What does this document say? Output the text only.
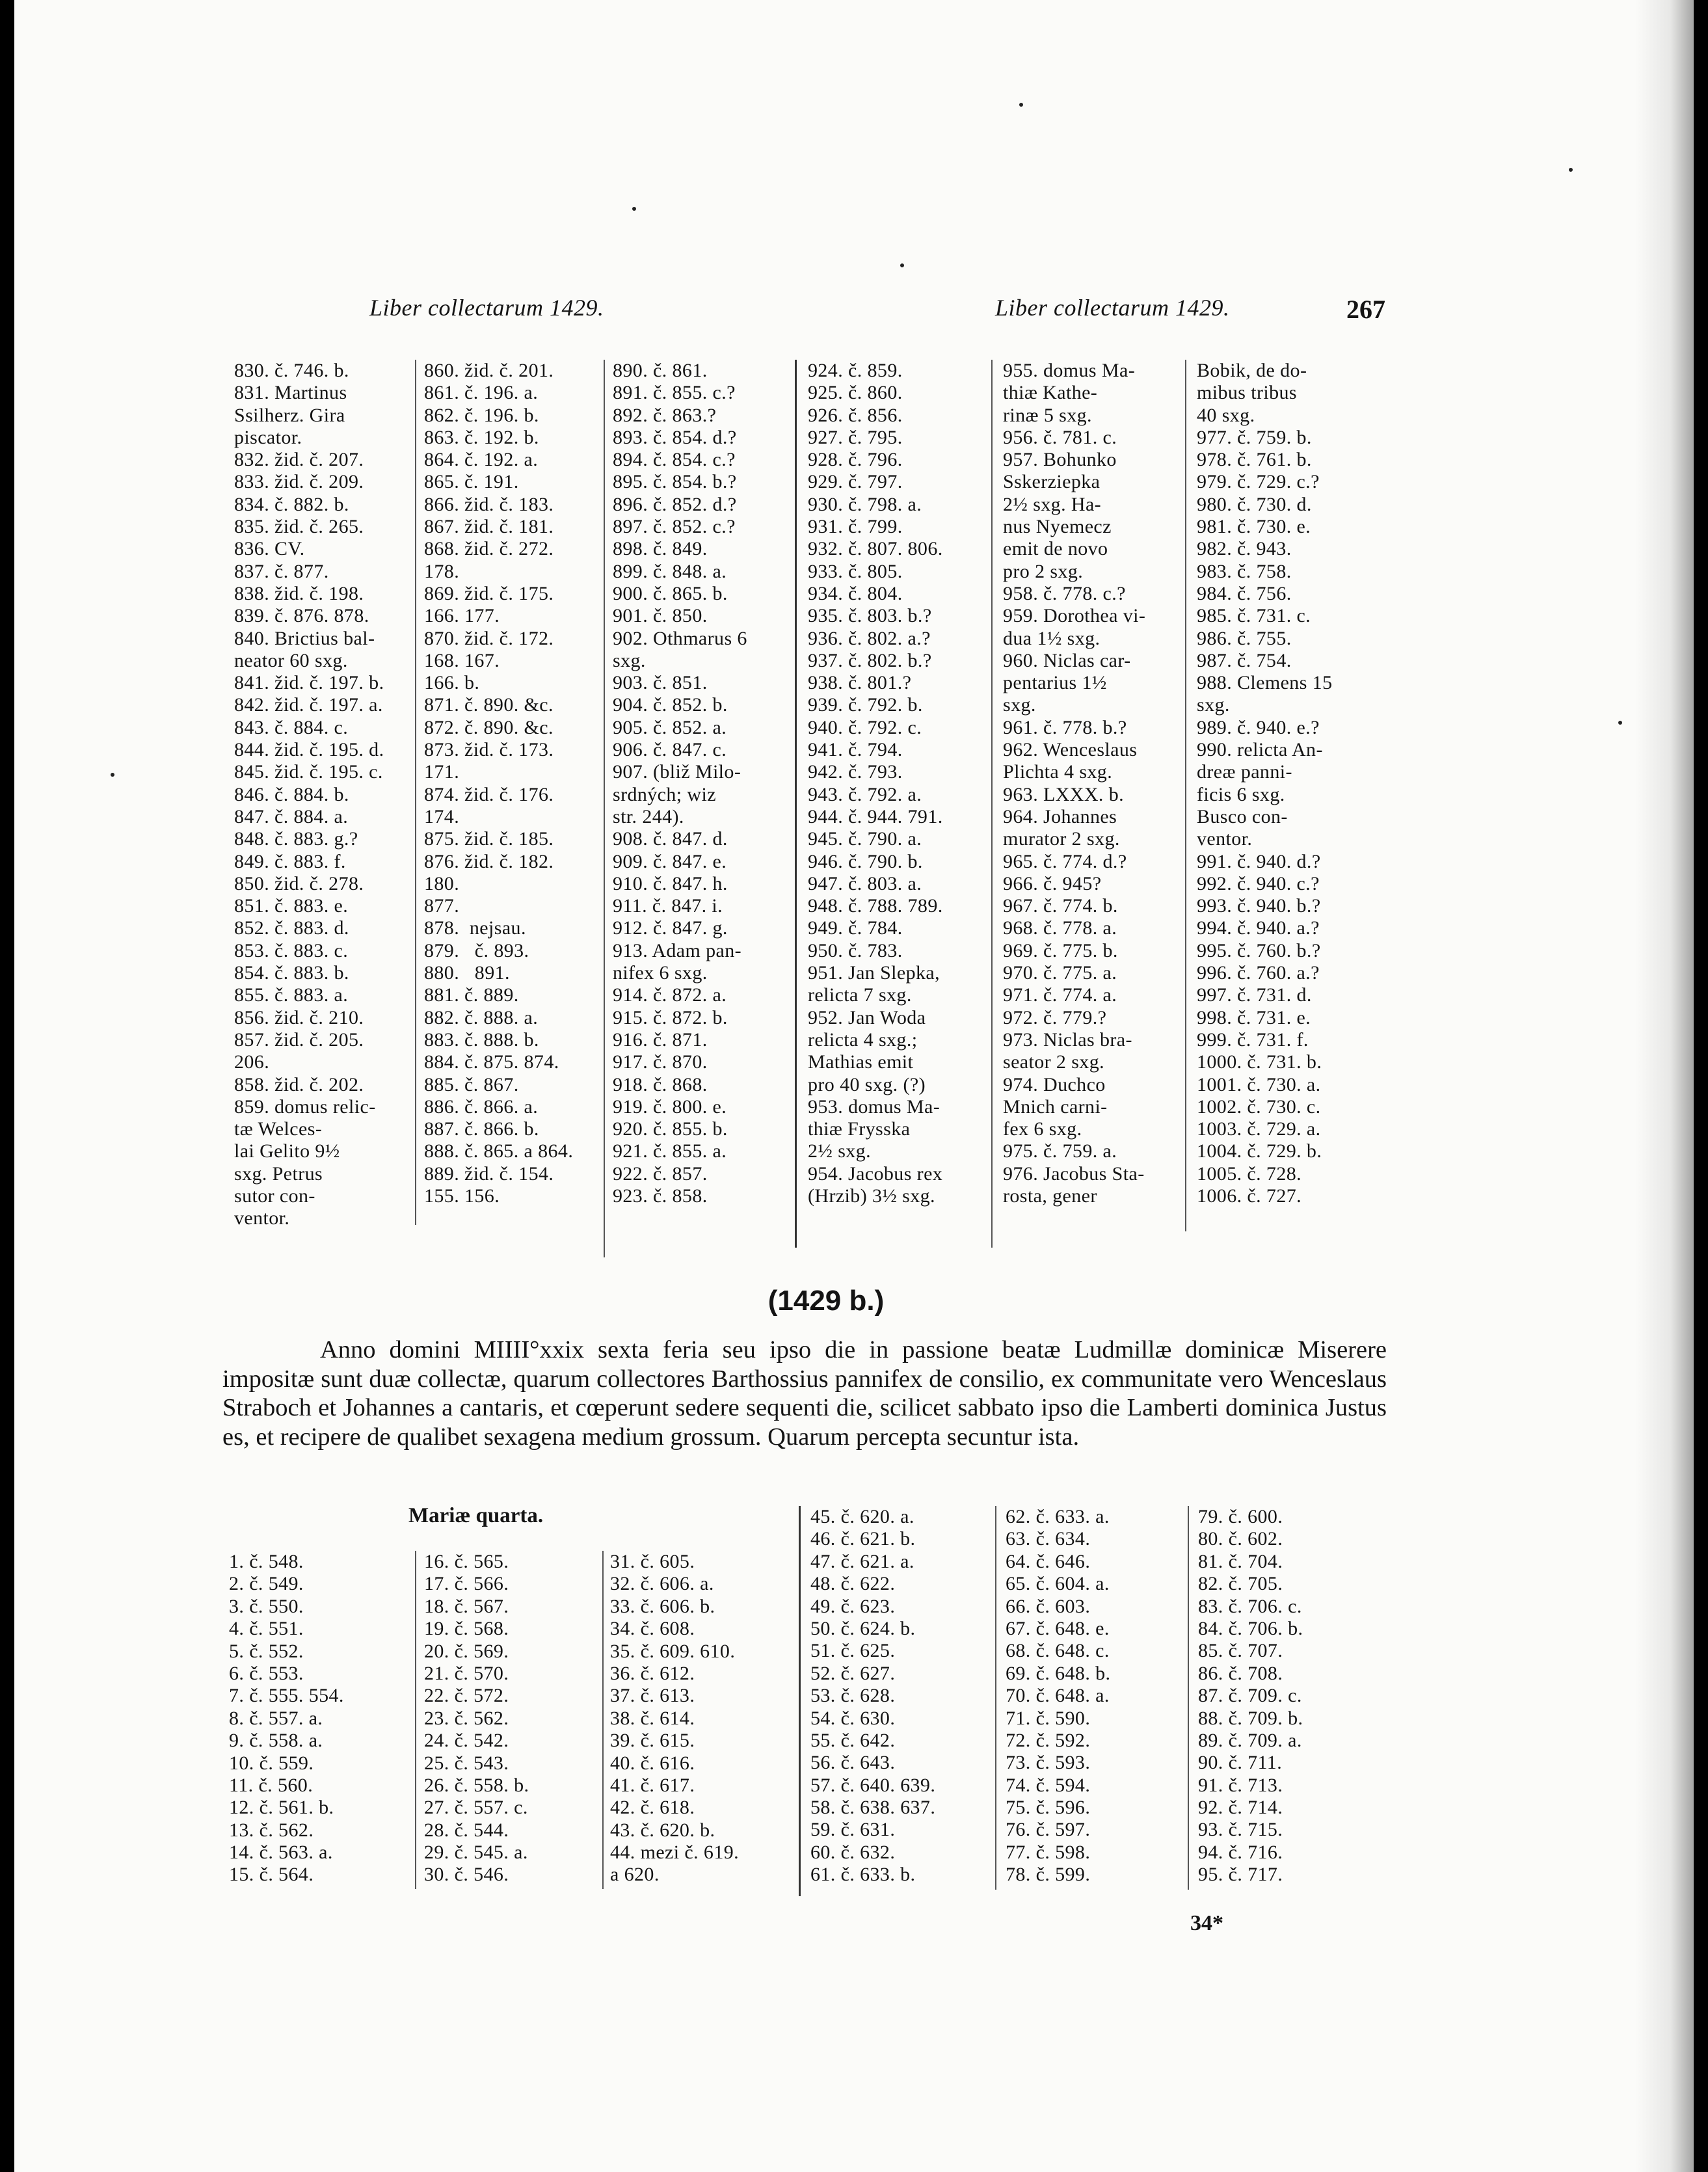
Liber collectarum 1429.	Liber collectarum 1429.	267
830. č. 746. b.
831. Martinus
Ssilherz. Gira
piscator.
832. žid. č. 207.
833. žid. č. 209.
834. č. 882. b.
835. žid. č. 265.
836. CV.
837. č. 877.
838. žid. č. 198.
839. č. 876. 878.
840. Brictius bal-
neator 60 sxg.
841. žid. č. 197. b.
842. žid. č. 197. a.
843. č. 884. c.
844. žid. č. 195. d.
845. žid. č. 195. c.
846. č. 884. b.
847. č. 884. a.
848. č. 883. g.?
849. č. 883. f.
850. žid. č. 278.
851. č. 883. e.
852. č. 883. d.
853. č. 883. c.
854. č. 883. b.
855. č. 883. a.
856. žid. č. 210.
857. žid. č. 205.
206.
858. žid. č. 202.
859. domus relic-
tæ Welces-
lai Gelito 9½
sxg. Petrus
sutor con-
ventor.
860. žid. č. 201.
861. č. 196. a.
862. č. 196. b.
863. č. 192. b.
864. č. 192. a.
865. č. 191.
866. žid. č. 183.
867. žid. č. 181.
868. žid. č. 272.
178.
869. žid. č. 175.
166. 177.
870. žid. č. 172.
168. 167.
166. b.
871. č. 890. &c.
872. č. 890. &c.
873. žid. č. 173.
171.
874. žid. č. 176.
174.
875. žid. č. 185.
876. žid. č. 182.
180.
877.
878.  nejsau.
879.   č. 893.
880.   891.
881. č. 889.
882. č. 888. a.
883. č. 888. b.
884. č. 875. 874.
885. č. 867.
886. č. 866. a.
887. č. 866. b.
888. č. 865. a 864.
889. žid. č. 154.
155. 156.
890. č. 861.
891. č. 855. c.?
892. č. 863.?
893. č. 854. d.?
894. č. 854. c.?
895. č. 854. b.?
896. č. 852. d.?
897. č. 852. c.?
898. č. 849.
899. č. 848. a.
900. č. 865. b.
901. č. 850.
902. Othmarus 6
sxg.
903. č. 851.
904. č. 852. b.
905. č. 852. a.
906. č. 847. c.
907. (bliž Milo-
srdných; wiz
str. 244).
908. č. 847. d.
909. č. 847. e.
910. č. 847. h.
911. č. 847. i.
912. č. 847. g.
913. Adam pan-
nifex 6 sxg.
914. č. 872. a.
915. č. 872. b.
916. č. 871.
917. č. 870.
918. č. 868.
919. č. 800. e.
920. č. 855. b.
921. č. 855. a.
922. č. 857.
923. č. 858.
924. č. 859.
925. č. 860.
926. č. 856.
927. č. 795.
928. č. 796.
929. č. 797.
930. č. 798. a.
931. č. 799.
932. č. 807. 806.
933. č. 805.
934. č. 804.
935. č. 803. b.?
936. č. 802. a.?
937. č. 802. b.?
938. č. 801.?
939. č. 792. b.
940. č. 792. c.
941. č. 794.
942. č. 793.
943. č. 792. a.
944. č. 944. 791.
945. č. 790. a.
946. č. 790. b.
947. č. 803. a.
948. č. 788. 789.
949. č. 784.
950. č. 783.
951. Jan Slepka,
relicta 7 sxg.
952. Jan Woda
relicta 4 sxg.;
Mathias emit
pro 40 sxg. (?)
953. domus Ma-
thiæ Frysska
2½ sxg.
954. Jacobus rex
(Hrzib) 3½ sxg.
955. domus Ma-
thiæ Kathe-
rinæ 5 sxg.
956. č. 781. c.
957. Bohunko
Sskerziepka
2½ sxg. Ha-
nus Nyemecz
emit de novo
pro 2 sxg.
958. č. 778. c.?
959. Dorothea vi-
dua 1½ sxg.
960. Niclas car-
pentarius 1½
sxg.
961. č. 778. b.?
962. Wenceslaus
Plichta 4 sxg.
963. LXXX. b.
964. Johannes
murator 2 sxg.
965. č. 774. d.?
966. č. 945?
967. č. 774. b.
968. č. 778. a.
969. č. 775. b.
970. č. 775. a.
971. č. 774. a.
972. č. 779.?
973. Niclas bra-
seator 2 sxg.
974. Duchco
Mnich carni-
fex 6 sxg.
975. č. 759. a.
976. Jacobus Sta-
rosta, gener
Bobik, de do-
mibus tribus
40 sxg.
977. č. 759. b.
978. č. 761. b.
979. č. 729. c.?
980. č. 730. d.
981. č. 730. e.
982. č. 943.
983. č. 758.
984. č. 756.
985. č. 731. c.
986. č. 755.
987. č. 754.
988. Clemens 15
sxg.
989. č. 940. e.?
990. relicta An-
dreæ panni-
ficis 6 sxg.
Busco con-
ventor.
991. č. 940. d.?
992. č. 940. c.?
993. č. 940. b.?
994. č. 940. a.?
995. č. 760. b.?
996. č. 760. a.?
997. č. 731. d.
998. č. 731. e.
999. č. 731. f.
1000. č. 731. b.
1001. č. 730. a.
1002. č. 730. c.
1003. č. 729. a.
1004. č. 729. b.
1005. č. 728.
1006. č. 727.
(1429 b.)

Anno domini MIIII°xxix sexta feria seu ipso die in passione beatæ Ludmillæ dominicæ Miserere impositæ sunt duæ collectæ, quarum collectores Barthossius pannifex de consilio, ex communitate vero Wenceslaus Straboch et Johannes a cantaris, et cœperunt sedere sequenti die, scilicet sabbato ipso die Lamberti dominica Justus es, et recipere de qualibet sexagena medium grossum. Quarum percepta secuntur ista.

Mariæ quarta.
1. č. 548.
2. č. 549.
3. č. 550.
4. č. 551.
5. č. 552.
6. č. 553.
7. č. 555. 554.
8. č. 557. a.
9. č. 558. a.
10. č. 559.
11. č. 560.
12. č. 561. b.
13. č. 562.
14. č. 563. a.
15. č. 564.
16. č. 565.
17. č. 566.
18. č. 567.
19. č. 568.
20. č. 569.
21. č. 570.
22. č. 572.
23. č. 562.
24. č. 542.
25. č. 543.
26. č. 558. b.
27. č. 557. c.
28. č. 544.
29. č. 545. a.
30. č. 546.
31. č. 605.
32. č. 606. a.
33. č. 606. b.
34. č. 608.
35. č. 609. 610.
36. č. 612.
37. č. 613.
38. č. 614.
39. č. 615.
40. č. 616.
41. č. 617.
42. č. 618.
43. č. 620. b.
44. mezi č. 619.
a 620.
45. č. 620. a.
46. č. 621. b.
47. č. 621. a.
48. č. 622.
49. č. 623.
50. č. 624. b.
51. č. 625.
52. č. 627.
53. č. 628.
54. č. 630.
55. č. 642.
56. č. 643.
57. č. 640. 639.
58. č. 638. 637.
59. č. 631.
60. č. 632.
61. č. 633. b.
62. č. 633. a.
63. č. 634.
64. č. 646.
65. č. 604. a.
66. č. 603.
67. č. 648. e.
68. č. 648. c.
69. č. 648. b.
70. č. 648. a.
71. č. 590.
72. č. 592.
73. č. 593.
74. č. 594.
75. č. 596.
76. č. 597.
77. č. 598.
78. č. 599.
79. č. 600.
80. č. 602.
81. č. 704.
82. č. 705.
83. č. 706. c.
84. č. 706. b.
85. č. 707.
86. č. 708.
87. č. 709. c.
88. č. 709. b.
89. č. 709. a.
90. č. 711.
91. č. 713.
92. č. 714.
93. č. 715.
94. č. 716.
95. č. 717.
34*
